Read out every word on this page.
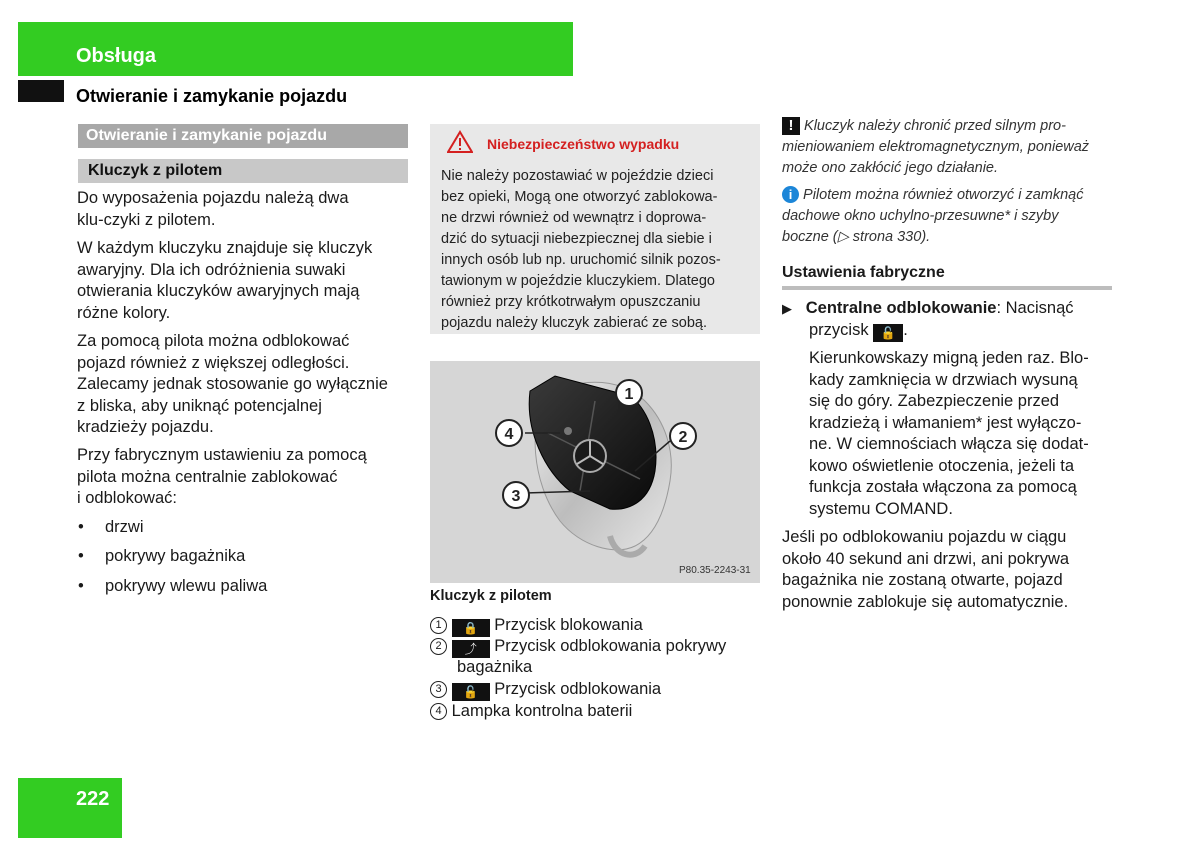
Obsługa
Otwieranie i zamykanie pojazdu
Otwieranie i zamykanie pojazdu
Kluczyk z pilotem
Do wyposażenia pojazdu należą dwa
klu-czyki z pilotem.
W każdym kluczyku znajduje się kluczyk
awaryjny. Dla ich odróżnienia suwaki
otwierania kluczyków awaryjnych mają
różne kolory.
Za pomocą pilota można odblokować
pojazd również z większej odległości.
Zalecamy jednak stosowanie go wyłącznie
z bliska, aby uniknąć potencjalnej
kradzieży pojazdu.
Przy fabrycznym ustawieniu za pomocą
pilota można centralnie zablokować
i odblokować:
• drzwi
• pokrywy bagażnika
• pokrywy wlewu paliwa
Niebezpieczeństwo wypadku
Nie należy pozostawiać w pojeździe dzieci
bez opieki, Mogą one otworzyć zablokowa-
ne drzwi również od wewnątrz i doprowa-
dzić do sytuacji niebezpiecznej dla siebie i
innych osób lub np. uruchomić silnik pozos-
tawionym w pojeździe kluczykiem. Dlatego
również przy krótkotrwałym opuszczaniu
pojazdu należy kluczyk zabierać ze sobą.
1
2
3
4
P80.35-2243-31
Kluczyk z pilotem
1 🔒 Przycisk blokowania
2 ⤴ Przycisk odblokowania pokrywy
bagażnika
3 🔓 Przycisk odblokowania
4 Lampka kontrolna baterii
! Kluczyk należy chronić przed silnym pro-
mieniowaniem elektromagnetycznym, ponieważ
może ono zakłócić jego działanie.
i Pilotem można również otworzyć i zamknąć
dachowe okno uchylno-przesuwne* i szyby
boczne (▷ strona 330).
Ustawienia fabryczne
▶ Centralne odblokowanie: Nacisnąć
przycisk 🔓 .
Kierunkowskazy migną jeden raz. Blo-
kady zamknięcia w drzwiach wysuną
się do góry. Zabezpieczenie przed
kradzieżą i włamaniem* jest wyłączo-
ne. W ciemnościach włącza się dodat-
kowo oświetlenie otoczenia, jeżeli ta
funkcja została włączona za pomocą
systemu COMAND.
Jeśli po odblokowaniu pojazdu w ciągu
około 40 sekund ani drzwi, ani pokrywa
bagażnika nie zostaną otwarte, pojazd
ponownie zablokuje się automatycznie.
222
